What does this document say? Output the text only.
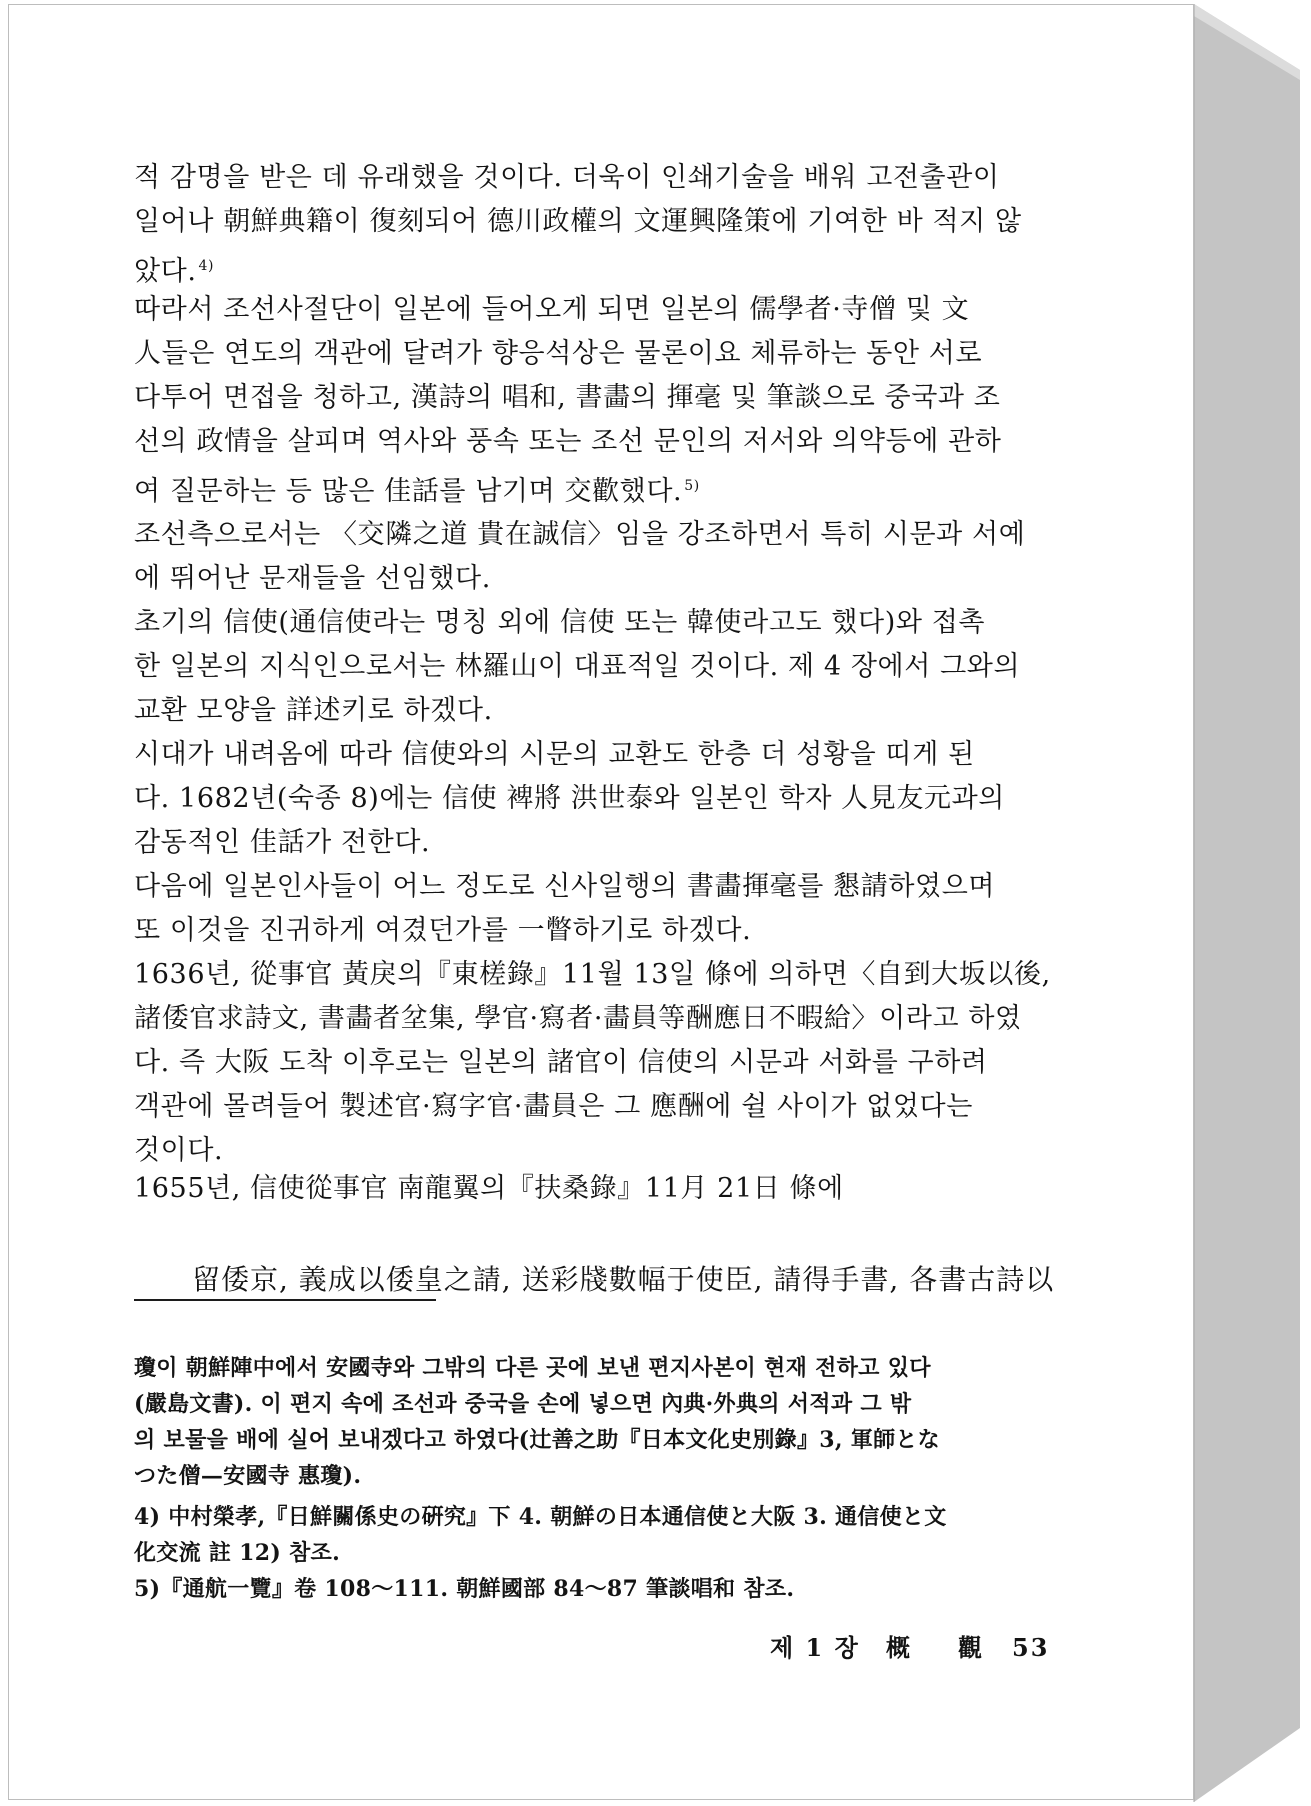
적 감명을 받은 데 유래했을 것이다. 더욱이 인쇄기술을 배워 고전출관이
일어나 朝鮮典籍이 復刻되어 德川政權의 文運興隆策에 기여한 바 적지 않
았다. $^{4)}$
따라서 조선사절단이 일본에 들어오게 되면 일본의 儒學者·寺僧 및 文
人들은 연도의 객관에 달려가 향응석상은 물론이요 체류하는 동안 서로
다투어 면접을 청하고, 漢詩의 唱和, 書畵의 揮毫 및 筆談으로 중국과 조
선의 政情을 살피며 역사와 풍속 또는 조선 문인의 저서와 의약등에 관하
여 질문하는 등 많은 佳話를 남기며 交歡했다. $^{5)}$
조선측으로서는 〈交隣之道 貴在誠信〉임을 강조하면서 특히 시문과 서예
에 뛰어난 문재들을 선임했다.
초기의 信使(通信使라는 명칭 외에 信使 또는 韓使라고도 했다)와 접촉
한 일본의 지식인으로서는 林羅山이 대표적일 것이다. 제 4 장에서 그와의
교환 모양을 詳述키로 하겠다.
시대가 내려옴에 따라 信使와의 시문의 교환도 한층 더 성황을 띠게 된
다. 1682년(숙종 8)에는 信使 裨將 洪世泰와 일본인 학자 人見友元과의
감동적인 佳話가 전한다.
다음에 일본인사들이 어느 정도로 신사일행의 書畵揮毫를 懇請하였으며
또 이것을 진귀하게 여겼던가를 一瞥하기로 하겠다.
1636년, 從事官 黃戾의『東槎錄』11월 13일 條에 의하면〈自到大坂以後,
諸倭官求詩文, 書畵者坌集, 學官·寫者·畵員等酬應日不暇給〉이라고 하였
다. 즉 大阪 도착 이후로는 일본의 諸官이 信使의 시문과 서화를 구하려
객관에 몰려들어 製述官·寫字官·畵員은 그 應酬에 쉴 사이가 없었다는
것이다.
1655년, 信使從事官 南龍翼의『扶桑錄』11月 21日 條에
留倭京, 義成以倭皇之請, 送彩牋數幅于使臣, 請得手書, 各書古詩以
瓊이 朝鮮陣中에서 安國寺와 그밖의 다른 곳에 보낸 편지사본이 현재 전하고 있다
(嚴島文書). 이 편지 속에 조선과 중국을 손에 넣으면 內典·外典의 서적과 그 밖
의 보물을 배에 실어 보내겠다고 하였다(辻善之助『日本文化史別錄』3, 軍師とな
つた僧—安國寺 惠瓊).
4) 中村榮孝,『日鮮關係史の硏究』下 4. 朝鮮の日本通信使と大阪 3. 通信使と文
化交流 註 12) 참조.
5)『通航一覽』卷 108〜111. 朝鮮國部 84〜87 筆談唱和 참조.
제 1 장 概 觀 53
